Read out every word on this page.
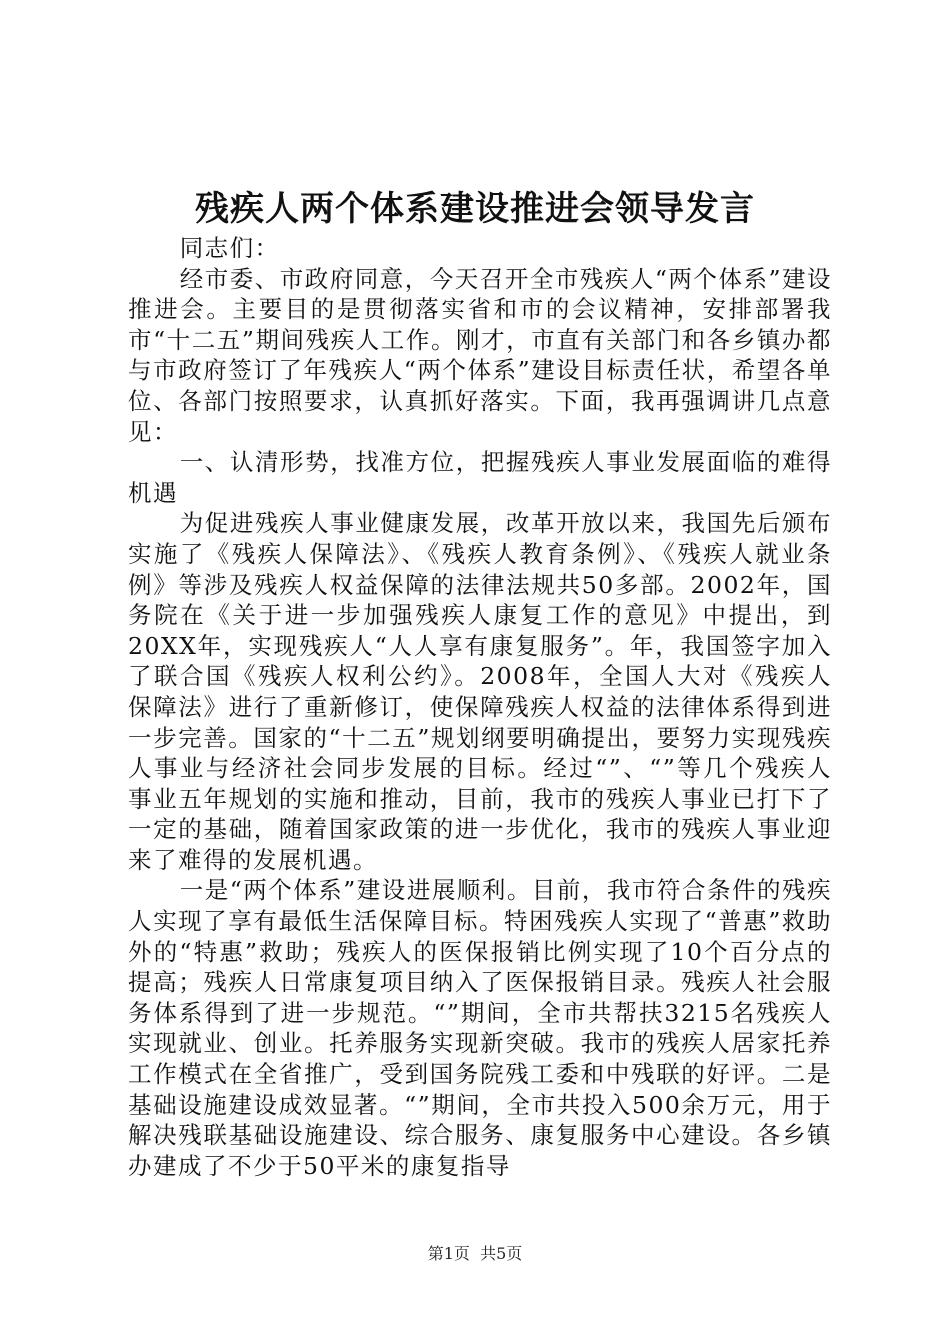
残疾人两个体系建设推进会领导发言

同志们：

经市委、市政府同意，今天召开全市残疾人“两个体系”建设推进会。主要目的是贯彻落实省和市的会议精神，安排部署我市“十二五”期间残疾人工作。刚才，市直有关部门和各乡镇办都与市政府签订了年残疾人“两个体系”建设目标责任状，希望各单位、各部门按照要求，认真抓好落实。下面，我再强调讲几点意见：

一、认清形势，找准方位，把握残疾人事业发展面临的难得机遇

为促进残疾人事业健康发展，改革开放以来，我国先后颁布实施了《残疾人保障法》、《残疾人教育条例》、《残疾人就业条例》等涉及残疾人权益保障的法律法规共50多部。2002年，国务院在《关于进一步加强残疾人康复工作的意见》中提出，到20XX年，实现残疾人“人人享有康复服务”。年，我国签字加入了联合国《残疾人权利公约》。2008年，全国人大对《残疾人保障法》进行了重新修订，使保障残疾人权益的法律体系得到进一步完善。国家的“十二五”规划纲要明确提出，要努力实现残疾人事业与经济社会同步发展的目标。经过“”、“”等几个残疾人事业五年规划的实施和推动，目前，我市的残疾人事业已打下了一定的基础，随着国家政策的进一步优化，我市的残疾人事业迎来了难得的发展机遇。

一是“两个体系”建设进展顺利。目前，我市符合条件的残疾人实现了享有最低生活保障目标。特困残疾人实现了“普惠”救助外的“特惠”救助；残疾人的医保报销比例实现了10个百分点的提高；残疾人日常康复项目纳入了医保报销目录。残疾人社会服务体系得到了进一步规范。“”期间，全市共帮扶3215名残疾人实现就业、创业。托养服务实现新突破。我市的残疾人居家托养工作模式在全省推广，受到国务院残工委和中残联的好评。二是基础设施建设成效显著。“”期间，全市共投入500余万元，用于解决残联基础设施建设、综合服务、康复服务中心建设。各乡镇办建成了不少于50平米的康复指导

第1页 共5页
